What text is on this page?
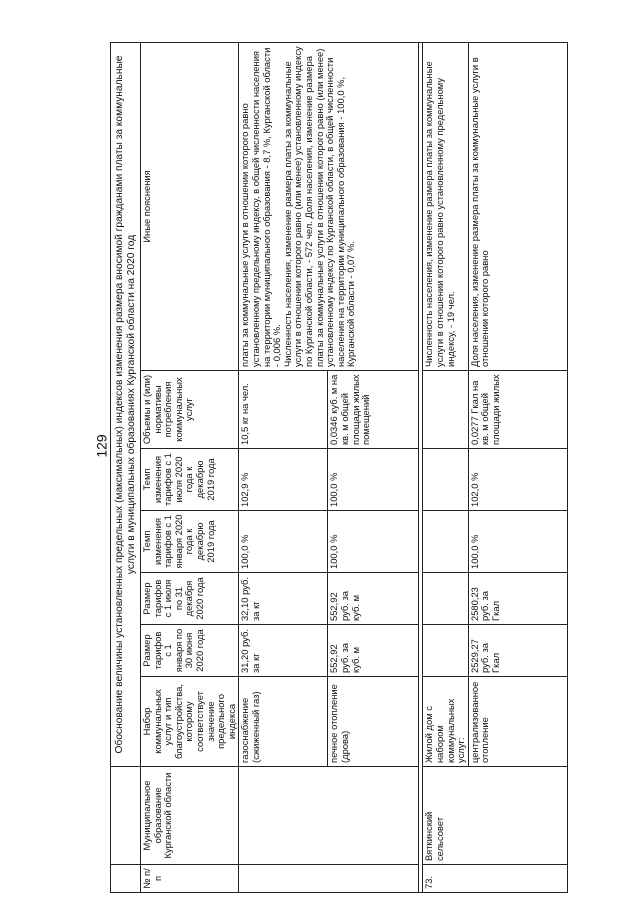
129
		Обоснование величины установленных предельных (максимальных) индексов изменения размера вносимой гражданами платы за коммунальные услуги в муниципальных образованиях Курганской области на 2020 год						
№ п/п	Муниципальное образование Курганской области	Набор коммунальных услуг и тип благоустройства, которому соответствует значение предельного индекса	Размер тарифов с 1 января по 30 июня 2020 года	Размер тарифов с 1 июля по 31 декабря 2020 года	Темп изменения тарифов с 1 января 2020 года к декабрю 2019 года	Темп изменения тарифов с 1 июля 2020 года к декабрю 2019 года	Объемы и (или) нормативы потребления коммунальных услуг	Иные пояснения
		газоснабжение (сжиженный газ)	31,20 руб. за кг	32,10 руб. за кг	100,0 %	102,9 %	10,5 кг на чел.	платы за коммунальные услуги в отношении которого равно установленному предельному индексу, в общей численности населения на территории муниципального образования - 8,7 %, Курганской области - 0,006 %. Численность населения, изменение размера платы за коммунальные услуги в отношении которого равно (или менее) установленному индексу по Курганской области, - 572 чел. Доля населения, изменение размера платы за коммунальные услуги в отношении которого равно (или менее) установленному индексу по Курганской области, в общей численности населения на территории муниципального образования - 100,0 %, Курганской области - 0,07 %.

		печное отопление (дрова)	552,92 руб. за куб. м	552,92 руб. за куб. м	100,0 %	100,0 %	0,0346 куб. м на кв. м общей площади жилых помещений	

73.	Вяткинский сельсовет	Жилой дом с набором коммунальных услуг:						Численность населения, изменение размера платы за коммунальные услуги в отношении которого равно установленному предельному индексу, - 19 чел.
		централизованное отопление	2529,27 руб. за Гкал	2580,23 руб. за Гкал	100,0 %	102,0 %	0,0277 Гкал на кв. м общей площади жилых	Доля населения, изменение размера платы за коммунальные услуги в отношении которого равно
